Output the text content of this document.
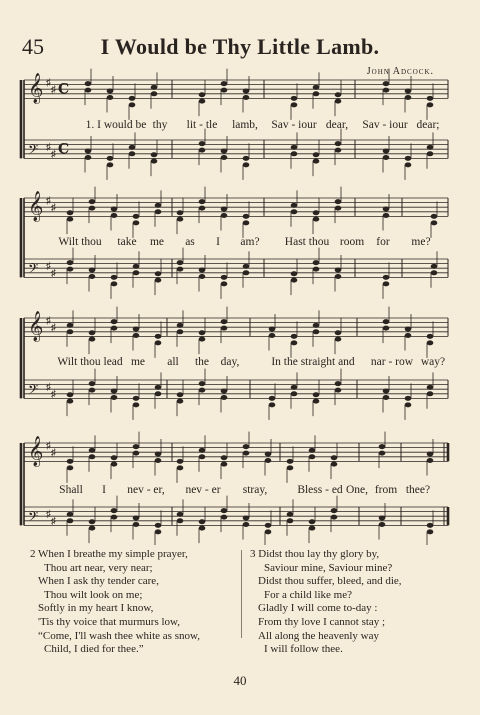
45	I Would be Thy Little Lamb.
John Adcock.
𝄞 ♯
♯ C
𝄢 ♯
♯ C
𝄞 ♯
♯
𝄢 ♯
♯
𝄞 ♯
♯
𝄢 ♯
♯
𝄞 ♯
♯
𝄢 ♯
♯
1. I would be thy lit - tle lamb, Sav - iour dear, Sav - iour dear;
Wilt thou take me as I am? Hast thou room for me?
Wilt thou lead me all the day,	In the straight and nar - row way?
Shall I nev - er, nev - er stray,	Bless - ed One, from thee?
2 When I breathe my simple prayer,
Thou art near, very near;
When I ask thy tender care,
Thou wilt look on me;
Softly in my heart I know,
'Tis thy voice that murmurs low,
“Come, I'll wash thee white as snow,
Child, I died for thee.”
3 Didst thou lay thy glory by,
Saviour mine, Saviour mine?
Didst thou suffer, bleed, and die,
For a child like me?
Gladly I will come to-day :
From thy love I cannot stay ;
All along the heavenly way
I will follow thee.
40
